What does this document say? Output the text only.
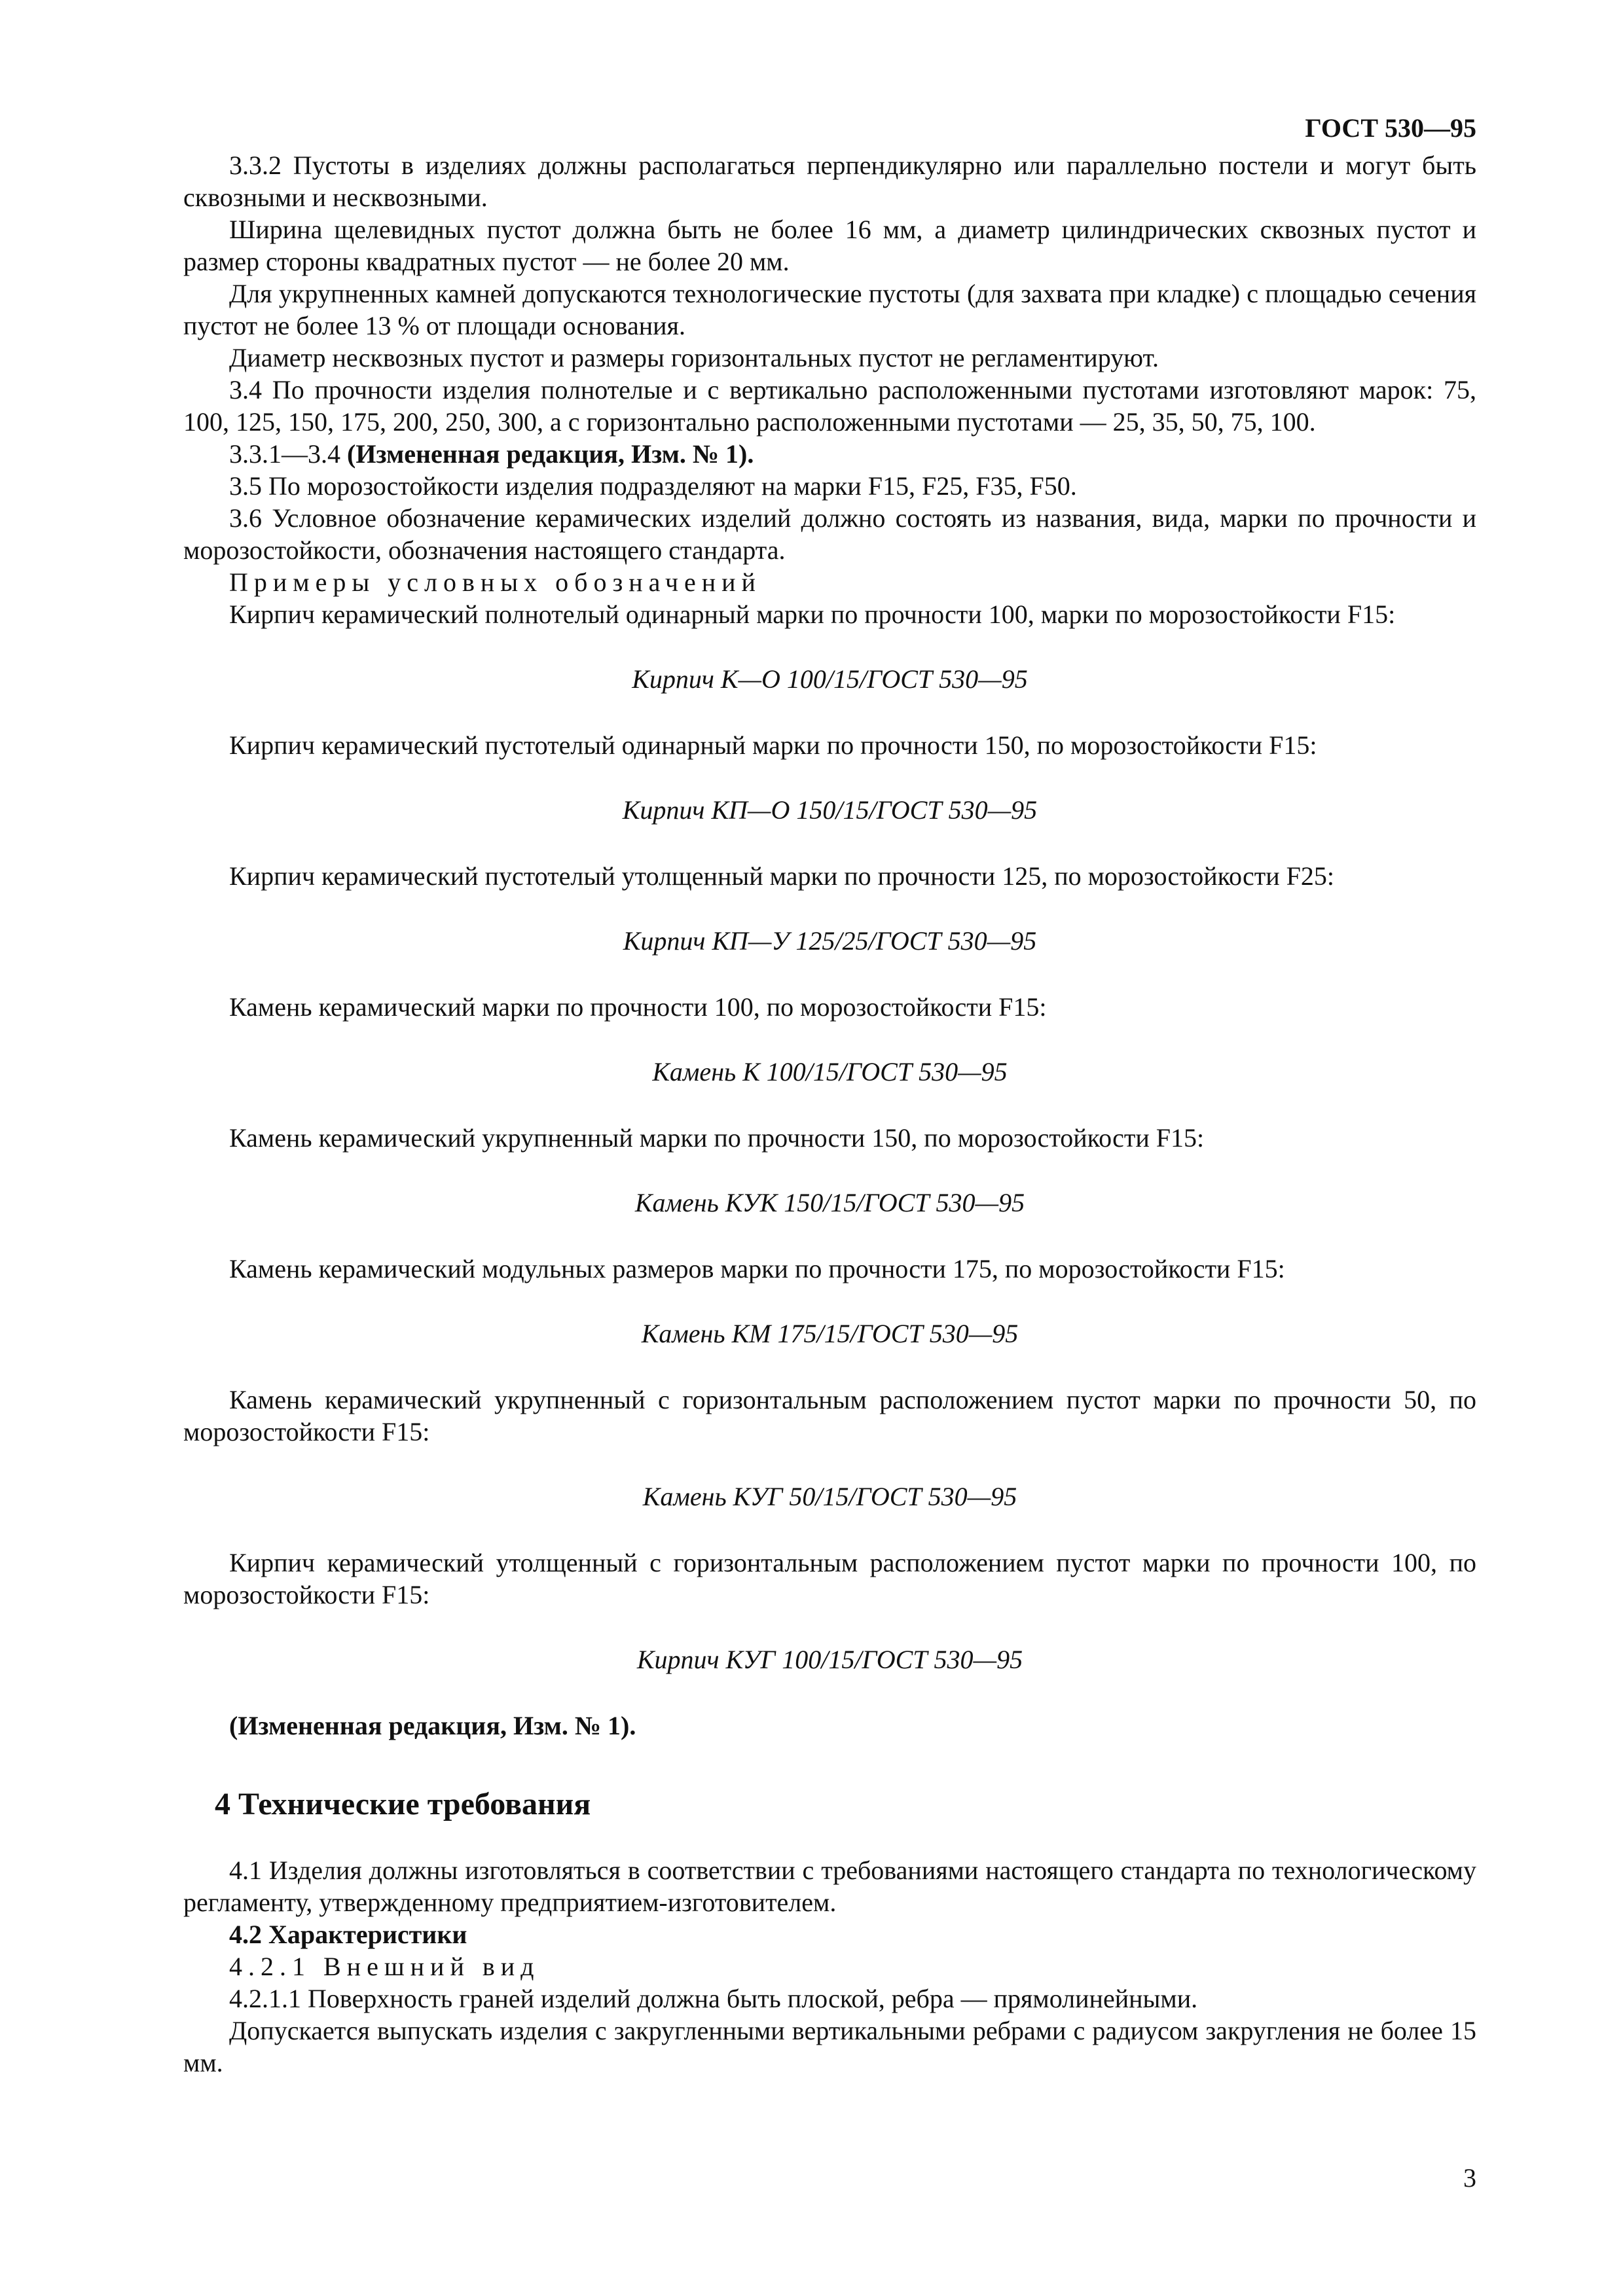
ГОСТ 530—95

3.3.2 Пустоты в изделиях должны располагаться перпендикулярно или параллельно постели и могут быть сквозными и несквозными.

Ширина щелевидных пустот должна быть не более 16 мм, а диаметр цилиндрических сквозных пустот и размер стороны квадратных пустот — не более 20 мм.

Для укрупненных камней допускаются технологические пустоты (для захвата при кладке) с площадью сечения пустот не более 13 % от площади основания.

Диаметр несквозных пустот и размеры горизонтальных пустот не регламентируют.

3.4 По прочности изделия полнотелые и с вертикально расположенными пустотами изготовляют марок: 75, 100, 125, 150, 175, 200, 250, 300, а с горизонтально расположенными пустотами — 25, 35, 50, 75, 100.

3.3.1—3.4 (Измененная редакция, Изм. № 1).

3.5 По морозостойкости изделия подразделяют на марки F15, F25, F35, F50.

3.6 Условное обозначение керамических изделий должно состоять из названия, вида, марки по прочности и морозостойкости, обозначения настоящего стандарта.

Примеры условных обозначений

Кирпич керамический полнотелый одинарный марки по прочности 100, марки по морозостойкости F15:

Кирпич К—О 100/15/ГОСТ 530—95

Кирпич керамический пустотелый одинарный марки по прочности 150, по морозостойкости F15:

Кирпич КП—О 150/15/ГОСТ 530—95

Кирпич керамический пустотелый утолщенный марки по прочности 125, по морозостойкости F25:

Кирпич КП—У 125/25/ГОСТ 530—95

Камень керамический марки по прочности 100, по морозостойкости F15:

Камень К 100/15/ГОСТ 530—95

Камень керамический укрупненный марки по прочности 150, по морозостойкости F15:

Камень КУК 150/15/ГОСТ 530—95

Камень керамический модульных размеров марки по прочности 175, по морозостойкости F15:

Камень КМ 175/15/ГОСТ 530—95

Камень керамический укрупненный с горизонтальным расположением пустот марки по прочности 50, по морозостойкости F15:

Камень КУГ 50/15/ГОСТ 530—95

Кирпич керамический утолщенный с горизонтальным расположением пустот марки по прочности 100, по морозостойкости F15:

Кирпич КУГ 100/15/ГОСТ 530—95

(Измененная редакция, Изм. № 1).

4 Технические требования

4.1 Изделия должны изготовляться в соответствии с требованиями настоящего стандарта по технологическому регламенту, утвержденному предприятием-изготовителем.

4.2 Характеристики

4.2.1 Внешний вид

4.2.1.1 Поверхность граней изделий должна быть плоской, ребра — прямолинейными.

Допускается выпускать изделия с закругленными вертикальными ребрами с радиусом закругления не более 15 мм.

3
